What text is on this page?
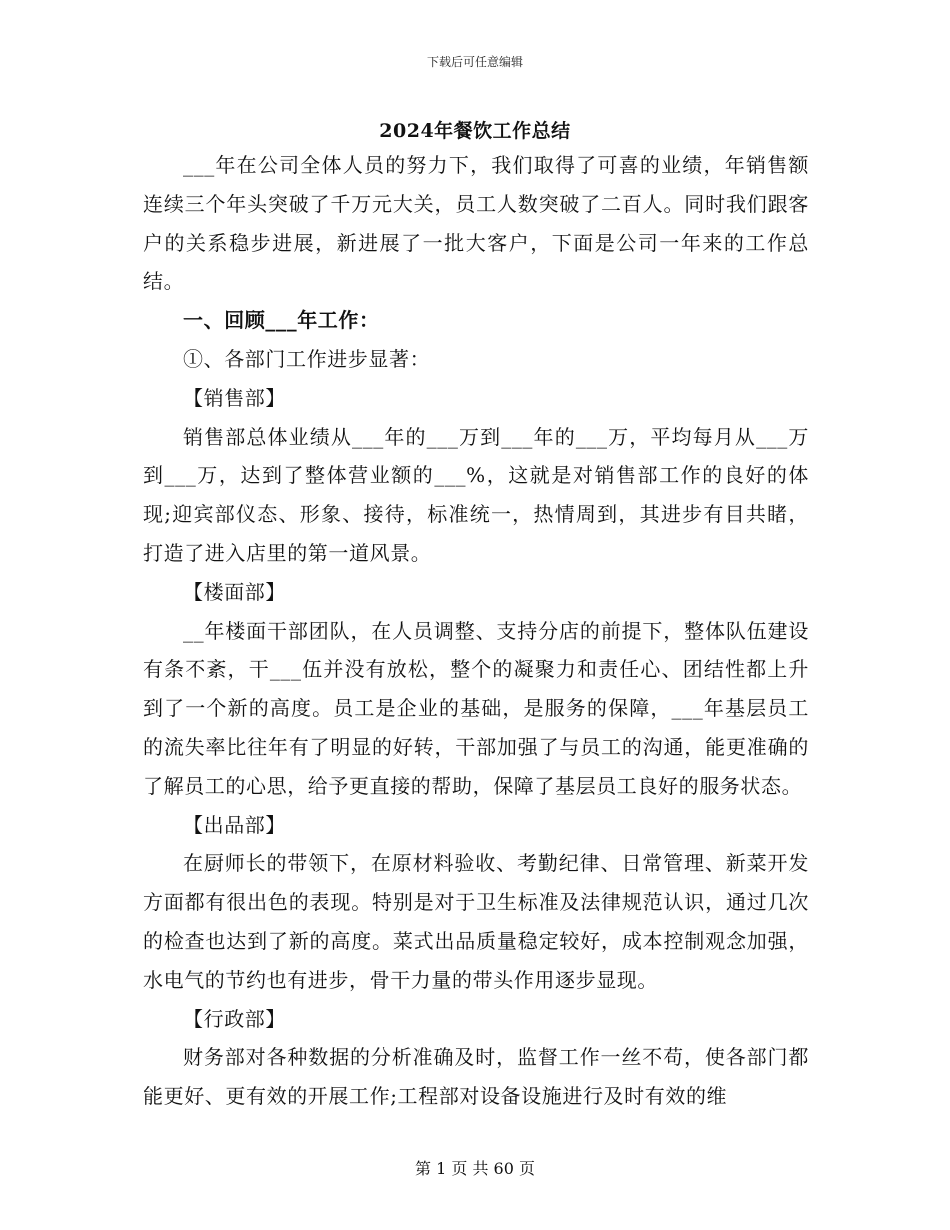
下载后可任意编辑
2024年餐饮工作总结

___年在公司全体人员的努力下，我们取得了可喜的业绩，年销售额连续三个年头突破了千万元大关，员工人数突破了二百人。同时我们跟客户的关系稳步进展，新进展了一批大客户，下面是公司一年来的工作总结。

一、回顾___年工作：

①、各部门工作进步显著：

【销售部】

销售部总体业绩从___年的___万到___年的___万，平均每月从___万到___万，达到了整体营业额的___%，这就是对销售部工作的良好的体现;迎宾部仪态、形象、接待，标准统一，热情周到，其进步有目共睹，打造了进入店里的第一道风景。

【楼面部】

__年楼面干部团队，在人员调整、支持分店的前提下，整体队伍建设有条不紊，干___伍并没有放松，整个的凝聚力和责任心、团结性都上升到了一个新的高度。员工是企业的基础，是服务的保障，___年基层员工的流失率比往年有了明显的好转，干部加强了与员工的沟通，能更准确的了解员工的心思，给予更直接的帮助，保障了基层员工良好的服务状态。

【出品部】

在厨师长的带领下，在原材料验收、考勤纪律、日常管理、新菜开发方面都有很出色的表现。特别是对于卫生标准及法律规范认识，通过几次的检查也达到了新的高度。菜式出品质量稳定较好，成本控制观念加强，水电气的节约也有进步，骨干力量的带头作用逐步显现。

【行政部】

财务部对各种数据的分析准确及时，监督工作一丝不苟，使各部门都能更好、更有效的开展工作;工程部对设备设施进行及时有效的维

第 1 页 共 60 页
